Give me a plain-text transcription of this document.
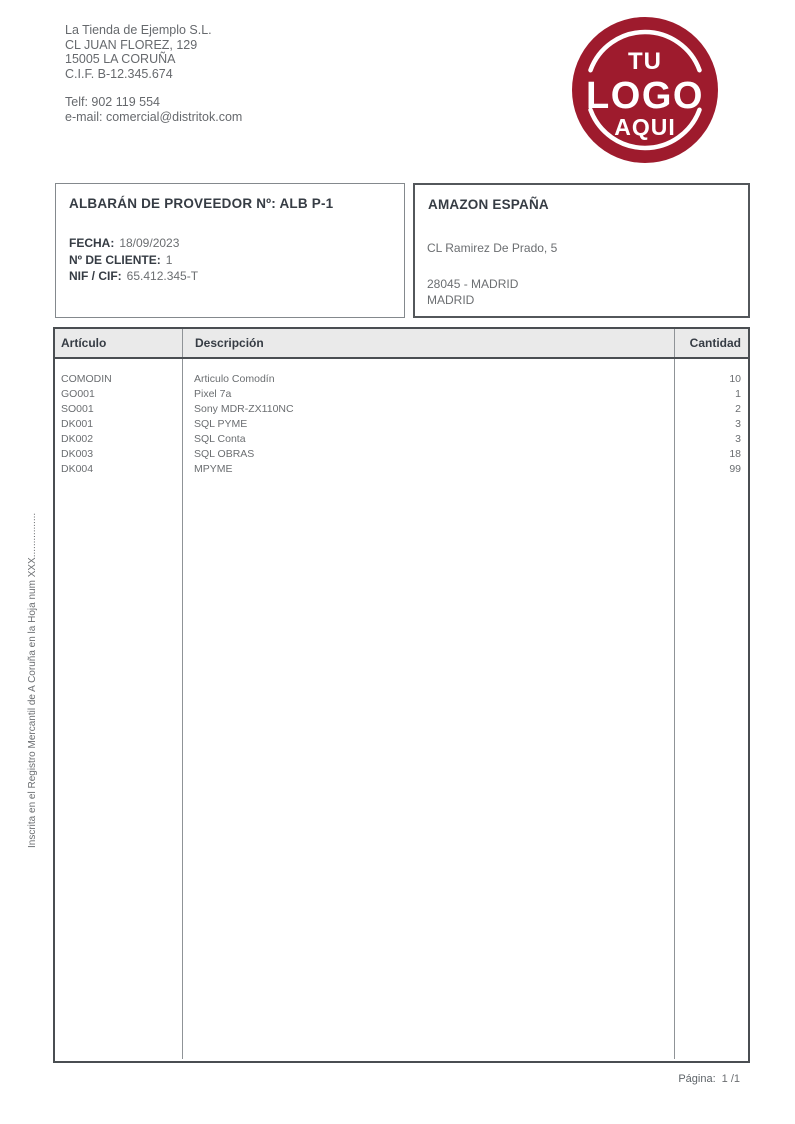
La Tienda de Ejemplo S.L.
CL JUAN FLOREZ, 129
15005 LA CORUÑA
C.I.F. B-12.345.674
Telf: 902 119 554
e-mail: comercial@distritok.com
TU
LOGO
AQUI
ALBARÁN DE PROVEEDOR Nº: ALB P-1
FECHA: 18/09/2023
Nº DE CLIENTE: 1
NIF / CIF: 65.412.345-T
AMAZON ESPAÑA
CL Ramirez De Prado, 5
28045 - MADRID
MADRID
Artículo	Descripción	Cantidad
COMODIN	Articulo Comodín	10
GO001	Pixel 7a	1
SO001	Sony MDR-ZX110NC	2
DK001	SQL PYME	3
DK002	SQL Conta	3
DK003	SQL OBRAS	18
DK004	MPYME	99
Inscrita en el Registro Mercantil de A Coruña en la Hoja num XXX................
Página: 1 /1
